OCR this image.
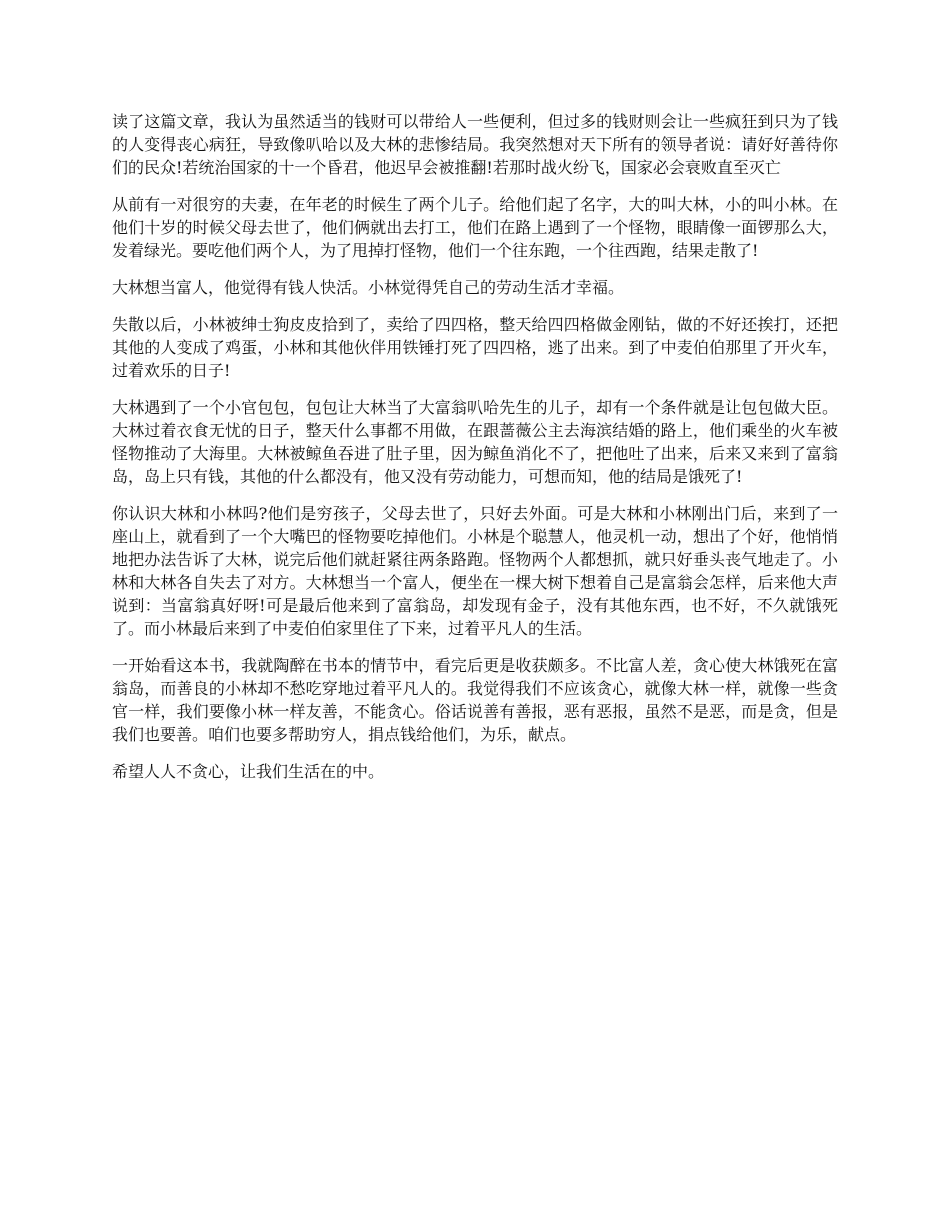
读了这篇文章，我认为虽然适当的钱财可以带给人一些便利，但过多的钱财则会让一些疯狂到只为了钱的人变得丧心病狂，导致像叭哈以及大林的悲惨结局。我突然想对天下所有的领导者说：请好好善待你们的民众!若统治国家的十一个昏君，他迟早会被推翻!若那时战火纷飞，国家必会衰败直至灭亡

从前有一对很穷的夫妻，在年老的时候生了两个儿子。给他们起了名字，大的叫大林，小的叫小林。在他们十岁的时候父母去世了，他们俩就出去打工，他们在路上遇到了一个怪物，眼睛像一面锣那么大，发着绿光。要吃他们两个人，为了甩掉打怪物，他们一个往东跑，一个往西跑，结果走散了!

大林想当富人，他觉得有钱人快活。小林觉得凭自己的劳动生活才幸福。

失散以后，小林被绅士狗皮皮拾到了，卖给了四四格，整天给四四格做金刚钻，做的不好还挨打，还把其他的人变成了鸡蛋，小林和其他伙伴用铁锤打死了四四格，逃了出来。到了中麦伯伯那里了开火车，过着欢乐的日子!

大林遇到了一个小官包包，包包让大林当了大富翁叭哈先生的儿子，却有一个条件就是让包包做大臣。大林过着衣食无忧的日子，整天什么事都不用做，在跟蔷薇公主去海滨结婚的路上，他们乘坐的火车被怪物推动了大海里。大林被鲸鱼吞进了肚子里，因为鲸鱼消化不了，把他吐了出来，后来又来到了富翁岛，岛上只有钱，其他的什么都没有，他又没有劳动能力，可想而知，他的结局是饿死了!

你认识大林和小林吗?他们是穷孩子，父母去世了，只好去外面。可是大林和小林刚出门后，来到了一座山上，就看到了一个大嘴巴的怪物要吃掉他们。小林是个聪慧人，他灵机一动，想出了个好，他悄悄地把办法告诉了大林，说完后他们就赶紧往两条路跑。怪物两个人都想抓，就只好垂头丧气地走了。小林和大林各自失去了对方。大林想当一个富人，便坐在一棵大树下想着自己是富翁会怎样，后来他大声说到：当富翁真好呀!可是最后他来到了富翁岛，却发现有金子，没有其他东西，也不好，不久就饿死了。而小林最后来到了中麦伯伯家里住了下来，过着平凡人的生活。

一开始看这本书，我就陶醉在书本的情节中，看完后更是收获颇多。不比富人差，贪心使大林饿死在富翁岛，而善良的小林却不愁吃穿地过着平凡人的。我觉得我们不应该贪心，就像大林一样，就像一些贪官一样，我们要像小林一样友善，不能贪心。俗话说善有善报，恶有恶报，虽然不是恶，而是贪，但是我们也要善。咱们也要多帮助穷人，捐点钱给他们，为乐，献点。

希望人人不贪心，让我们生活在的中。
